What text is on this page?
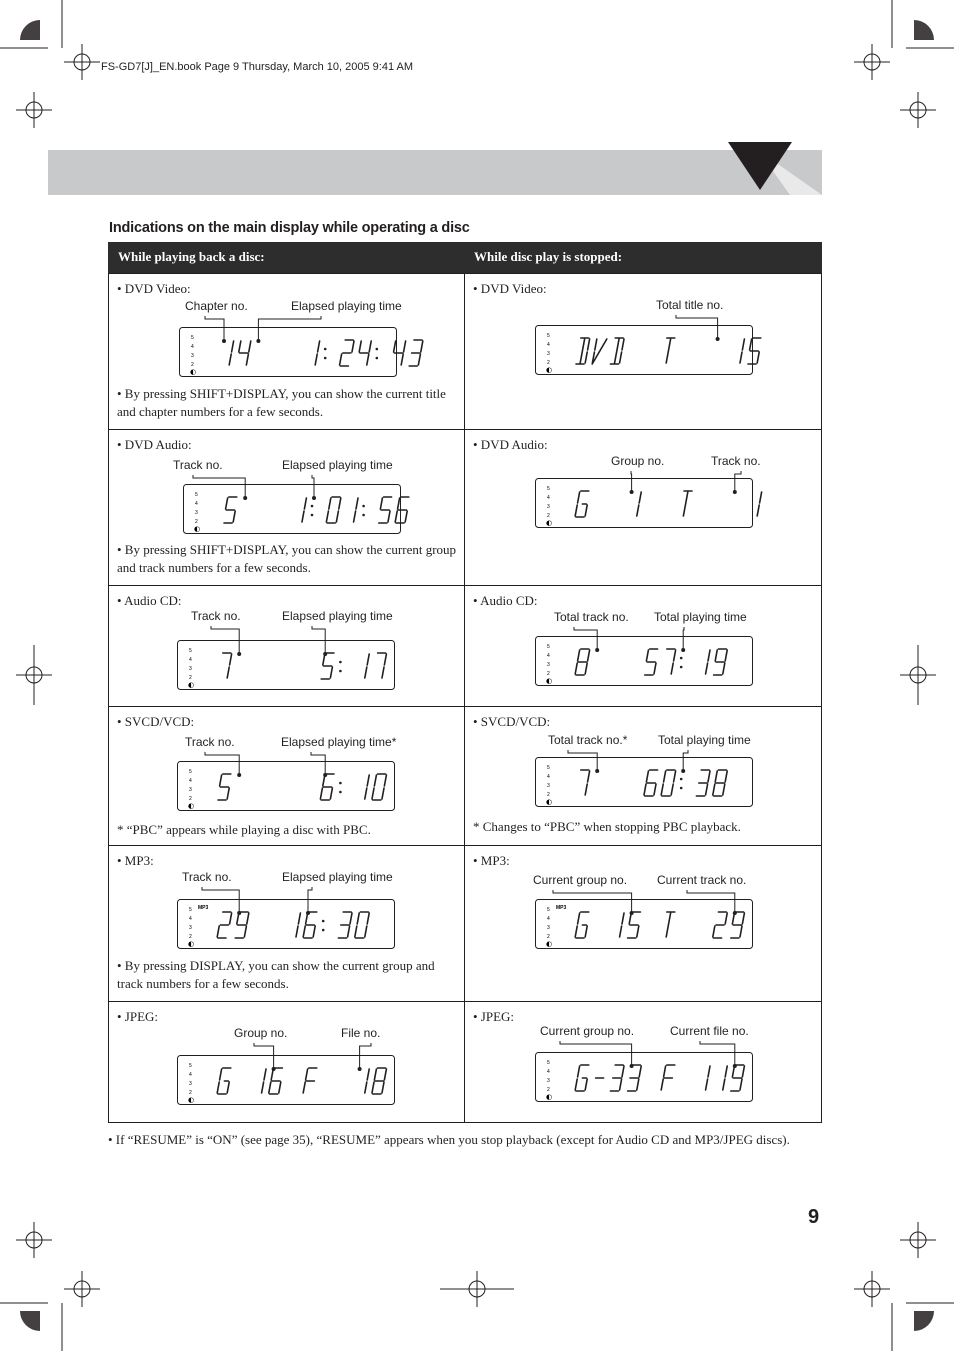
FS-GD7[J]_EN.book Page 9 Thursday, March 10, 2005 9:41 AM
Indications on the main display while operating a disc
While playing back a disc:	While disc play is stopped:
• DVD Video:
5
4
3
2
◐
Chapter no.	Elapsed playing time
• By pressing SHIFT+DISPLAY, you can show the current title and chapter numbers for a few seconds.
• DVD Video:
5
4
3
2
◐
Total title no.
• DVD Audio:
5
4
3
2
◐
Track no.	Elapsed playing time
• By pressing SHIFT+DISPLAY, you can show the current group and track numbers for a few seconds.
• DVD Audio:
5
4
3
2
◐
Group no.	Track no.
• Audio CD:
5
4
3
2
◐
Track no.	Elapsed playing time
• Audio CD:
5
4
3
2
◐
Total track no. Total playing time
• SVCD/VCD:
5
4
3
2
◐
Track no.	Elapsed playing time*
* “PBC” appears while playing a disc with PBC.
• SVCD/VCD:
5
4
3
2
◐
Total track no.*	Total playing time
* Changes to “PBC” when stopping PBC playback.
• MP3:
5
4
3
2
◐
MP3
Track no.	Elapsed playing time
• By pressing DISPLAY, you can show the current group and track numbers for a few seconds.
• MP3:
5
4
3
2
◐
MP3
Current group no. Current track no.
• JPEG:
5
4
3
2
◐
Group no.	File no.
• JPEG:
5
4
3
2
◐
Current group no.	Current file no.
• If “RESUME” is “ON” (see page 35), “RESUME” appears when you stop playback (except for Audio CD and MP3/JPEG discs).
9
